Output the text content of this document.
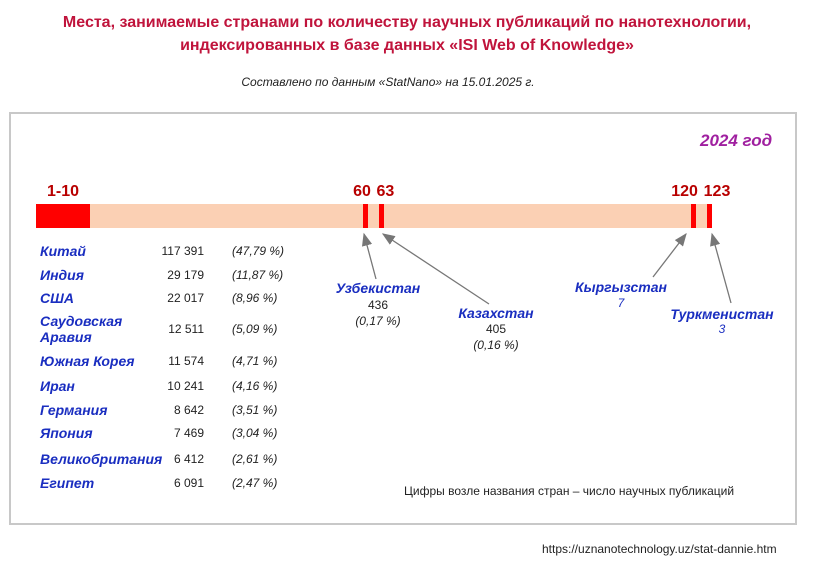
Места, занимаемые странами по количеству научных публикаций по нанотехнологии,
индексированных в базе данных «ISI Web of Knowledge»
Составлено по данным «StatNano» на 15.01.2025 г.
2024 год
1-10	60 63	120 123
Китай	117 391 (47,79 %)
Индия	29 179 (11,87 %)
США	22 017 (8,96 %)
Саудовская Аравия	12 511 (5,09 %)
Южная Корея	11 574 (4,71 %)
Иран	10 241 (4,16 %)
Германия	8 642 (3,51 %)
Япония	7 469 (3,04 %)
Великобритания 6 412 (2,61 %)
Египет	6 091 (2,47 %)
Узбекистан
436
(0,17 %)	Казахстан
405
(0,16 %)
Кыргызстан
7
Туркменистан
3
Цифры возле названия стран – число научных публикаций
https://uznanotechnology.uz/stat-dannie.htm
